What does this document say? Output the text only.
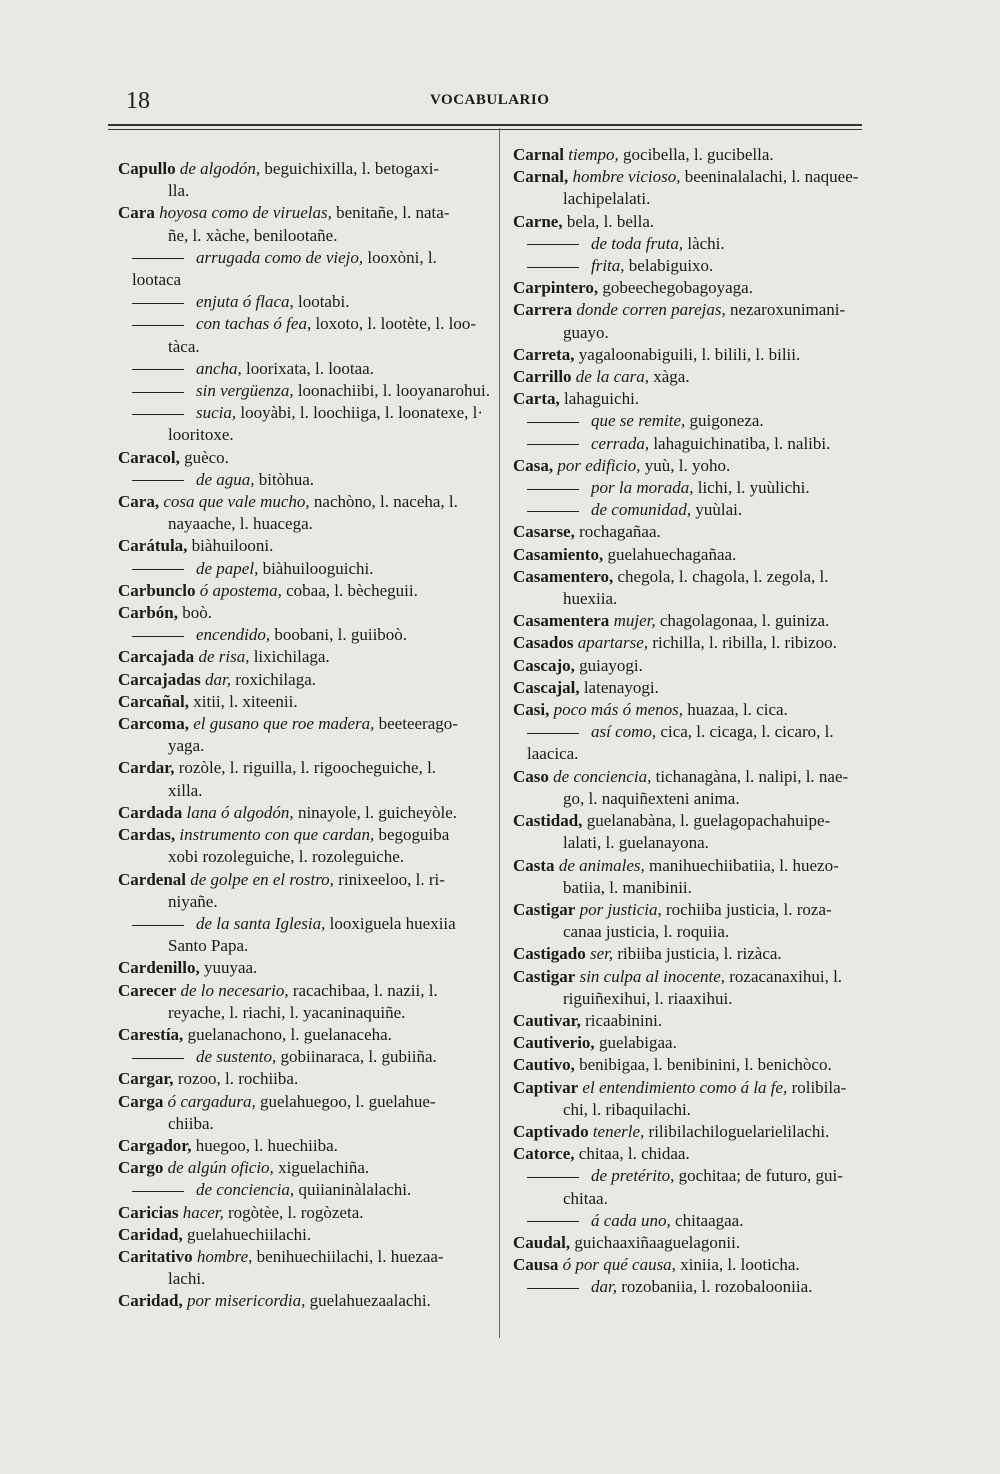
18	VOCABULARIO
Capullo de algodón, beguichixilla, l. betogaxi-
lla.
Cara hoyosa como de viruelas, benitañe, l. nata-
ñe, l. xàche, benilootañe.
arrugada como de viejo, looxòni, l. lootaca
enjuta ó flaca, lootabi.
con tachas ó fea, loxoto, l. lootète, l. loo-
tàca.
ancha, loorixata, l. lootaa.
sin vergüenza, loonachiibi, l. looyanarohui.
sucia, looyàbi, l. loochiiga, l. loonatexe, l·
looritoxe.
Caracol, guèco.
de agua, bitòhua.
Cara, cosa que vale mucho, nachòno, l. naceha, l.
nayaache, l. huacega.
Carátula, biàhuilooni.
de papel, biàhuilooguichi.
Carbunclo ó apostema, cobaa, l. bècheguii.
Carbón, boò.
encendido, boobani, l. guiiboò.
Carcajada de risa, lixichilaga.
Carcajadas dar, roxichilaga.
Carcañal, xitii, l. xiteenii.
Carcoma, el gusano que roe madera, beeteerago-
yaga.
Cardar, rozòle, l. riguilla, l. rigoocheguiche, l.
xilla.
Cardada lana ó algodón, ninayole, l. guicheyòle.
Cardas, instrumento con que cardan, begoguiba
xobi rozoleguiche, l. rozoleguiche.
Cardenal de golpe en el rostro, rinixeeloo, l. ri-
niyañe.
de la santa Iglesia, looxiguela huexiia
Santo Papa.
Cardenillo, yuuyaa.
Carecer de lo necesario, racachibaa, l. nazii, l.
reyache, l. riachi, l. yacaninaquiñe.
Carestía, guelanachono, l. guelanaceha.
de sustento, gobiinaraca, l. gubiiña.
Cargar, rozoo, l. rochiiba.
Carga ó cargadura, guelahuegoo, l. guelahue-
chiiba.
Cargador, huegoo, l. huechiiba.
Cargo de algún oficio, xiguelachiña.
de conciencia, quiianinàlalachi.
Caricias hacer, rogòtèe, l. rogòzeta.
Caridad, guelahuechiilachi.
Caritativo hombre, benihuechiilachi, l. huezaa-
lachi.
Caridad, por misericordia, guelahuezaalachi.
Carnal tiempo, gocibella, l. gucibella.
Carnal, hombre vicioso, beeninalalachi, l. naquee-
lachipelalati.
Carne, bela, l. bella.
de toda fruta, làchi.
frita, belabiguixo.
Carpintero, gobeechegobagoyaga.
Carrera donde corren parejas, nezaroxunimani-
guayo.
Carreta, yagaloonabiguili, l. bilili, l. bilii.
Carrillo de la cara, xàga.
Carta, lahaguichi.
que se remite, guigoneza.
cerrada, lahaguichinatiba, l. nalibi.
Casa, por edificio, yuù, l. yoho.
por la morada, lichi, l. yuùlichi.
de comunidad, yuùlai.
Casarse, rochagañaa.
Casamiento, guelahuechagañaa.
Casamentero, chegola, l. chagola, l. zegola, l.
huexiia.
Casamentera mujer, chagolagonaa, l. guiniza.
Casados apartarse, richilla, l. ribilla, l. ribizoo.
Cascajo, guiayogi.
Cascajal, latenayogi.
Casi, poco más ó menos, huazaa, l. cica.
así como, cica, l. cicaga, l. cicaro, l. laacica.
Caso de conciencia, tichanagàna, l. nalipi, l. nae-
go, l. naquiñexteni anima.
Castidad, guelanabàna, l. guelagopachahuipe-
lalati, l. guelanayona.
Casta de animales, manihuechiibatiia, l. huezo-
batiia, l. manibinii.
Castigar por justicia, rochiiba justicia, l. roza-
canaa justicia, l. roquiia.
Castigado ser, ribiiba justicia, l. rizàca.
Castigar sin culpa al inocente, rozacanaxihui, l.
riguiñexihui, l. riaaxihui.
Cautivar, ricaabinini.
Cautiverio, guelabigaa.
Cautivo, benibigaa, l. benibinini, l. benichòco.
Captivar el entendimiento como á la fe, rolibila-
chi, l. ribaquilachi.
Captivado tenerle, rilibilachiloguelarielilachi.
Catorce, chitaa, l. chidaa.
de pretérito, gochitaa; de futuro, gui-
chitaa.
á cada uno, chitaagaa.
Caudal, guichaaxiñaaguelagonii.
Causa ó por qué causa, xiniia, l. looticha.
dar, rozobaniia, l. rozobalooniia.
